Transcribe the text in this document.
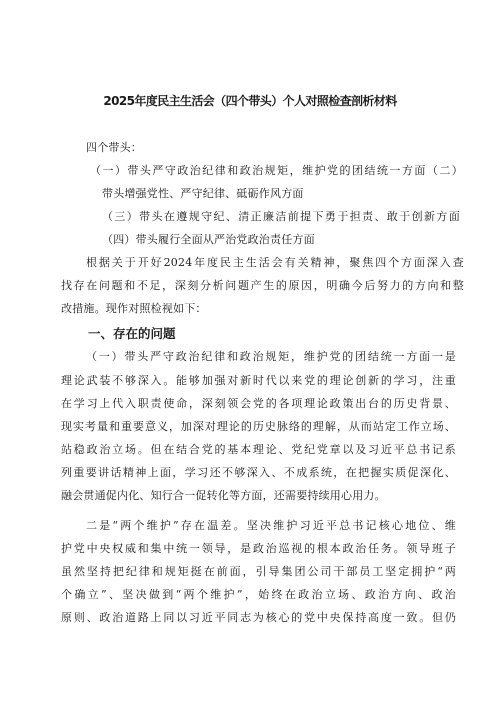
2025年度民主生活会（四个带头）个人对照检查剖析材料
四个带头：
（一）带头严守政治纪律和政治规矩，维护党的团结统一方面（二）
带头增强党性、严守纪律、砥砺作风方面
（三）带头在遵规守纪、清正廉洁前提下勇于担责、敢于创新方面
（四）带头履行全面从严治党政治责任方面
根据关于开好2024年度民主生活会有关精神，聚焦四个方面深入查
找存在问题和不足，深刻分析问题产生的原因，明确今后努力的方向和整
改措施。现作对照检视如下：
一、存在的问题
（一）带头严守政治纪律和政治规矩，维护党的团结统一方面一是
理论武装不够深入。能够加强对新时代以来党的理论创新的学习，注重
在学习上代入职责使命，深刻领会党的各项理论政策出台的历史背景、
现实考量和重要意义，加深对理论的历史脉络的理解，从而站定工作立场、
站稳政治立场。但在结合党的基本理论、党纪党章以及习近平总书记系
列重要讲话精神上面，学习还不够深入、不成系统，在把握实质促深化、
融会贯通促内化、知行合一促转化等方面，还需要持续用心用力。
二是“两个维护”存在温差。坚决维护习近平总书记核心地位、维
护党中央权威和集中统一领导，是政治巡视的根本政治任务。领导班子
虽然坚持把纪律和规矩挺在前面，引导集团公司干部员工坚定拥护“两
个确立”、坚决做到“两个维护”，始终在政治立场、政治方向、政治
原则、政治道路上同以习近平同志为核心的党中央保持高度一致。但仍
